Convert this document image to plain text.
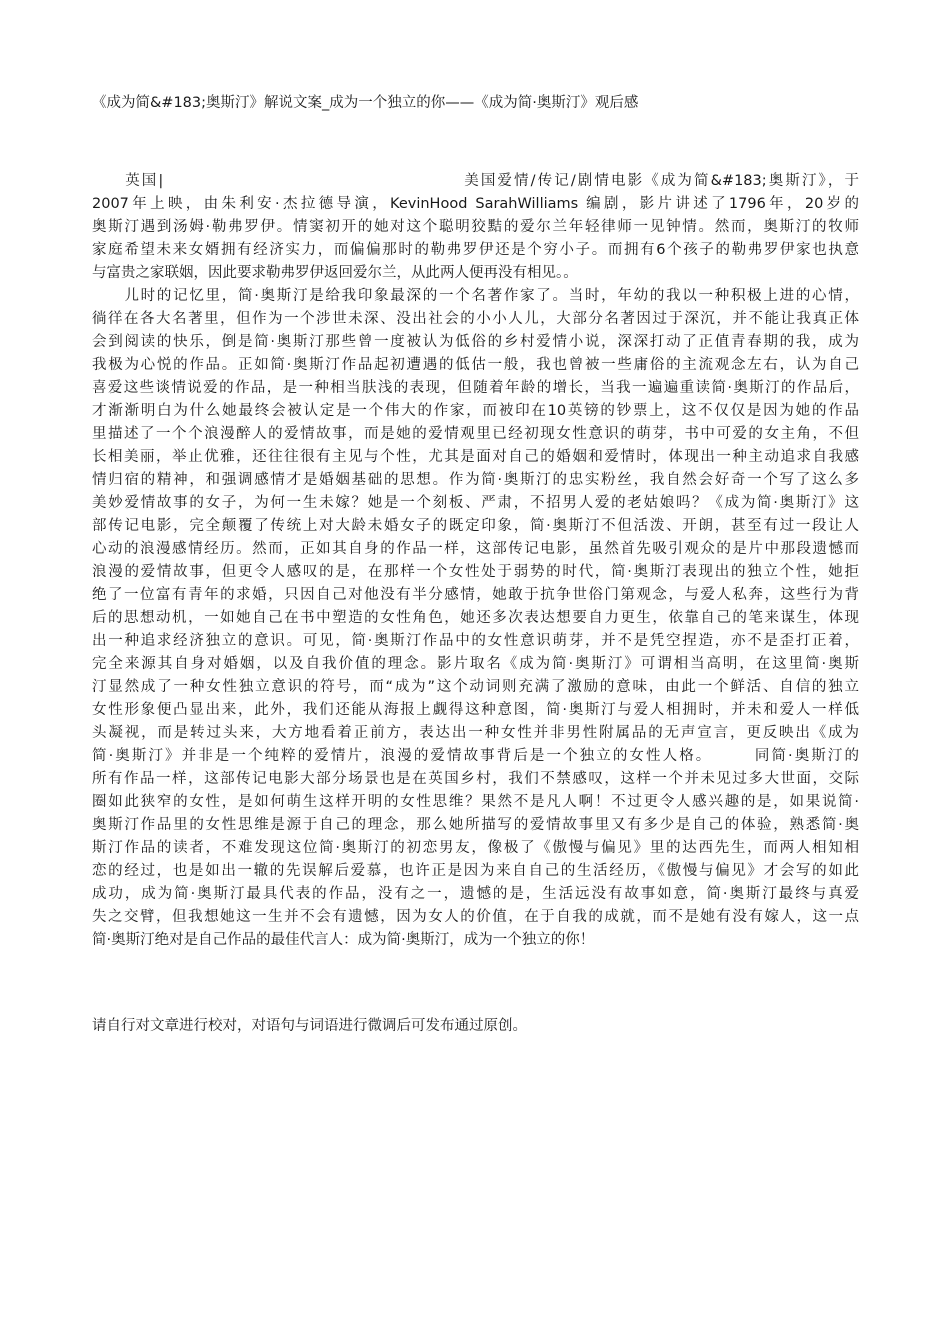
《成为简&#183;奥斯汀》解说文案_成为一个独立的你——《成为简·奥斯汀》观后感
　　英国|　　　　　　　　　　　　　　　　　　美国爱情/传记/剧情电影《成为简&#183;奥斯汀》，于
2007年上映，由朱利安·杰拉德导演，KevinHood SarahWilliams 编剧，影片讲述了1796年，20岁的
奥斯汀遇到汤姆·勒弗罗伊。情窦初开的她对这个聪明狡黠的爱尔兰年轻律师一见钟情。然而，奥斯汀的牧师
家庭希望未来女婿拥有经济实力，而偏偏那时的勒弗罗伊还是个穷小子。而拥有6个孩子的勒弗罗伊家也执意
与富贵之家联姻，因此要求勒弗罗伊返回爱尔兰，从此两人便再没有相见。。
　　儿时的记忆里，简·奥斯汀是给我印象最深的一个名著作家了。当时，年幼的我以一种积极上进的心情，
徜徉在各大名著里，但作为一个涉世未深、没出社会的小小人儿，大部分名著因过于深沉，并不能让我真正体
会到阅读的快乐，倒是简·奥斯汀那些曾一度被认为低俗的乡村爱情小说，深深打动了正值青春期的我，成为
我极为心悦的作品。正如简·奥斯汀作品起初遭遇的低估一般，我也曾被一些庸俗的主流观念左右，认为自己
喜爱这些谈情说爱的作品，是一种相当肤浅的表现，但随着年龄的增长，当我一遍遍重读简·奥斯汀的作品后，
才渐渐明白为什么她最终会被认定是一个伟大的作家，而被印在10英镑的钞票上，这不仅仅是因为她的作品
里描述了一个个浪漫醉人的爱情故事，而是她的爱情观里已经初现女性意识的萌芽，书中可爱的女主角，不但
长相美丽，举止优雅，还往往很有主见与个性，尤其是面对自己的婚姻和爱情时，体现出一种主动追求自我感
情归宿的精神，和强调感情才是婚姻基础的思想。作为简·奥斯汀的忠实粉丝，我自然会好奇一个写了这么多
美妙爱情故事的女子，为何一生未嫁？她是一个刻板、严肃，不招男人爱的老姑娘吗？《成为简·奥斯汀》这
部传记电影，完全颠覆了传统上对大龄未婚女子的既定印象，简·奥斯汀不但活泼、开朗，甚至有过一段让人
心动的浪漫感情经历。然而，正如其自身的作品一样，这部传记电影，虽然首先吸引观众的是片中那段遗憾而
浪漫的爱情故事，但更令人感叹的是，在那样一个女性处于弱势的时代，简·奥斯汀表现出的独立个性，她拒
绝了一位富有青年的求婚，只因自己对他没有半分感情，她敢于抗争世俗门第观念，与爱人私奔，这些行为背
后的思想动机，一如她自己在书中塑造的女性角色，她还多次表达想要自力更生，依靠自己的笔来谋生，体现
出一种追求经济独立的意识。可见，简·奥斯汀作品中的女性意识萌芽，并不是凭空捏造，亦不是歪打正着，
完全来源其自身对婚姻，以及自我价值的理念。影片取名《成为简·奥斯汀》可谓相当高明，在这里简·奥斯
汀显然成了一种女性独立意识的符号，而“成为”这个动词则充满了激励的意味，由此一个鲜活、自信的独立
女性形象便凸显出来，此外，我们还能从海报上觑得这种意图，简·奥斯汀与爱人相拥时，并未和爱人一样低
头凝视，而是转过头来，大方地看着正前方，表达出一种女性并非男性附属品的无声宣言，更反映出《成为
简·奥斯汀》并非是一个纯粹的爱情片，浪漫的爱情故事背后是一个独立的女性人格。　　　同简·奥斯汀的
所有作品一样，这部传记电影大部分场景也是在英国乡村，我们不禁感叹，这样一个并未见过多大世面，交际
圈如此狭窄的女性，是如何萌生这样开明的女性思维？果然不是凡人啊！不过更令人感兴趣的是，如果说简·
奥斯汀作品里的女性思维是源于自己的理念，那么她所描写的爱情故事里又有多少是自己的体验，熟悉简·奥
斯汀作品的读者，不难发现这位简·奥斯汀的初恋男友，像极了《傲慢与偏见》里的达西先生，而两人相知相
恋的经过，也是如出一辙的先误解后爱慕，也许正是因为来自自己的生活经历，《傲慢与偏见》才会写的如此
成功，成为简·奥斯汀最具代表的作品，没有之一，遗憾的是，生活远没有故事如意，简·奥斯汀最终与真爱
失之交臂，但我想她这一生并不会有遗憾，因为女人的价值，在于自我的成就，而不是她有没有嫁人，这一点
简·奥斯汀绝对是自己作品的最佳代言人：成为简·奥斯汀，成为一个独立的你！
请自行对文章进行校对，对语句与词语进行微调后可发布通过原创。
